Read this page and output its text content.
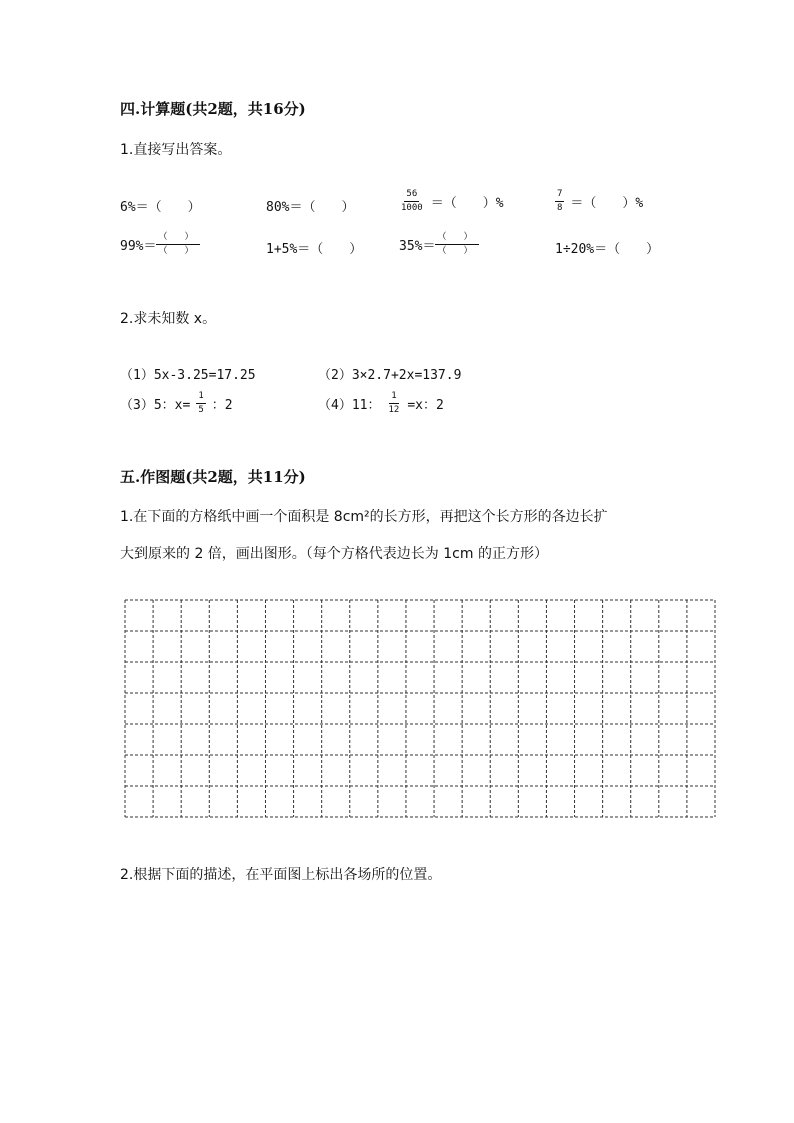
四.计算题(共2题，共16分)
1.直接写出答案。
6%＝（　　）	80%＝（　　）	$\frac{56}{1000}$ ＝（　　）%	$\frac{7}{8}$ ＝（　　）%
$99\%= \frac{( )}{( )}$	1+5%＝（　　）	$35\%= \frac{( )}{( )}$	1÷20%＝（　　）
2.求未知数 x。
（1）5x-3.25=17.25	（2）3×2.7+2x=137.9
（3）5：$x= \frac{1}{5}$ ：2	（4）11： $\frac{1}{12} =x$：2
五.作图题(共2题，共11分)
1.在下面的方格纸中画一个面积是 8cm²的长方形，再把这个长方形的各边长扩
大到原来的 2 倍，画出图形。（每个方格代表边长为 1cm 的正方形）
2.根据下面的描述，在平面图上标出各场所的位置。
